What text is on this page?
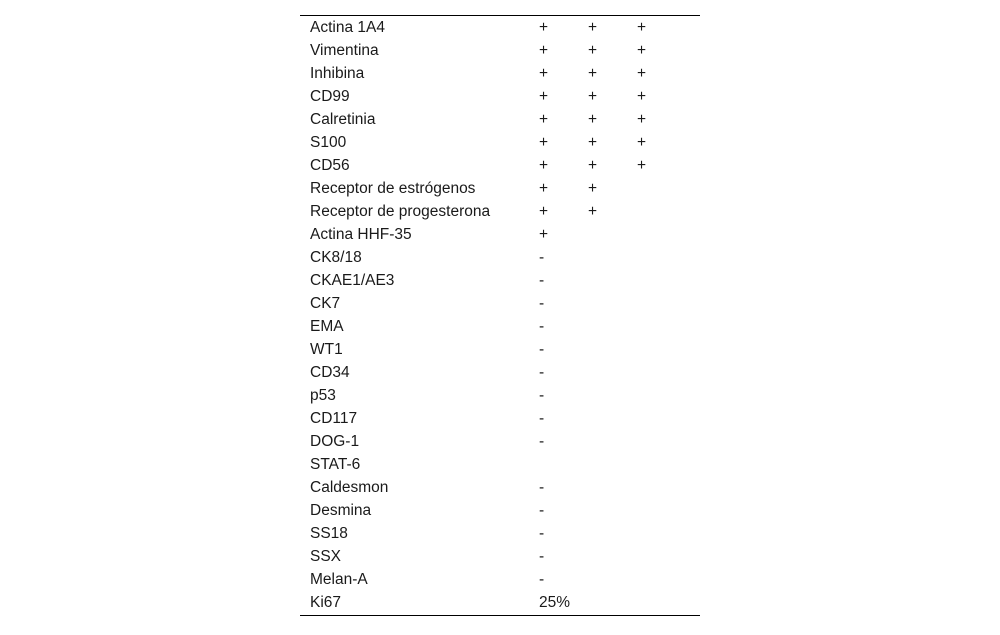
Actina 1A4	+	+	+
Vimentina	+	+	+
Inhibina	+	+	+
CD99	+	+	+
Calretinia	+	+	+
S100	+	+	+
CD56	+	+	+
Receptor de estrógenos	+	+
Receptor de progesterona	+	+
Actina HHF-35	+
CK8/18	-
CKAE1/AE3	-
CK7	-
EMA	-
WT1	-
CD34	-
p53	-
CD117	-
DOG-1	-
STAT-6
Caldesmon	-
Desmina	-
SS18	-
SSX	-
Melan-A	-
Ki67	25%
